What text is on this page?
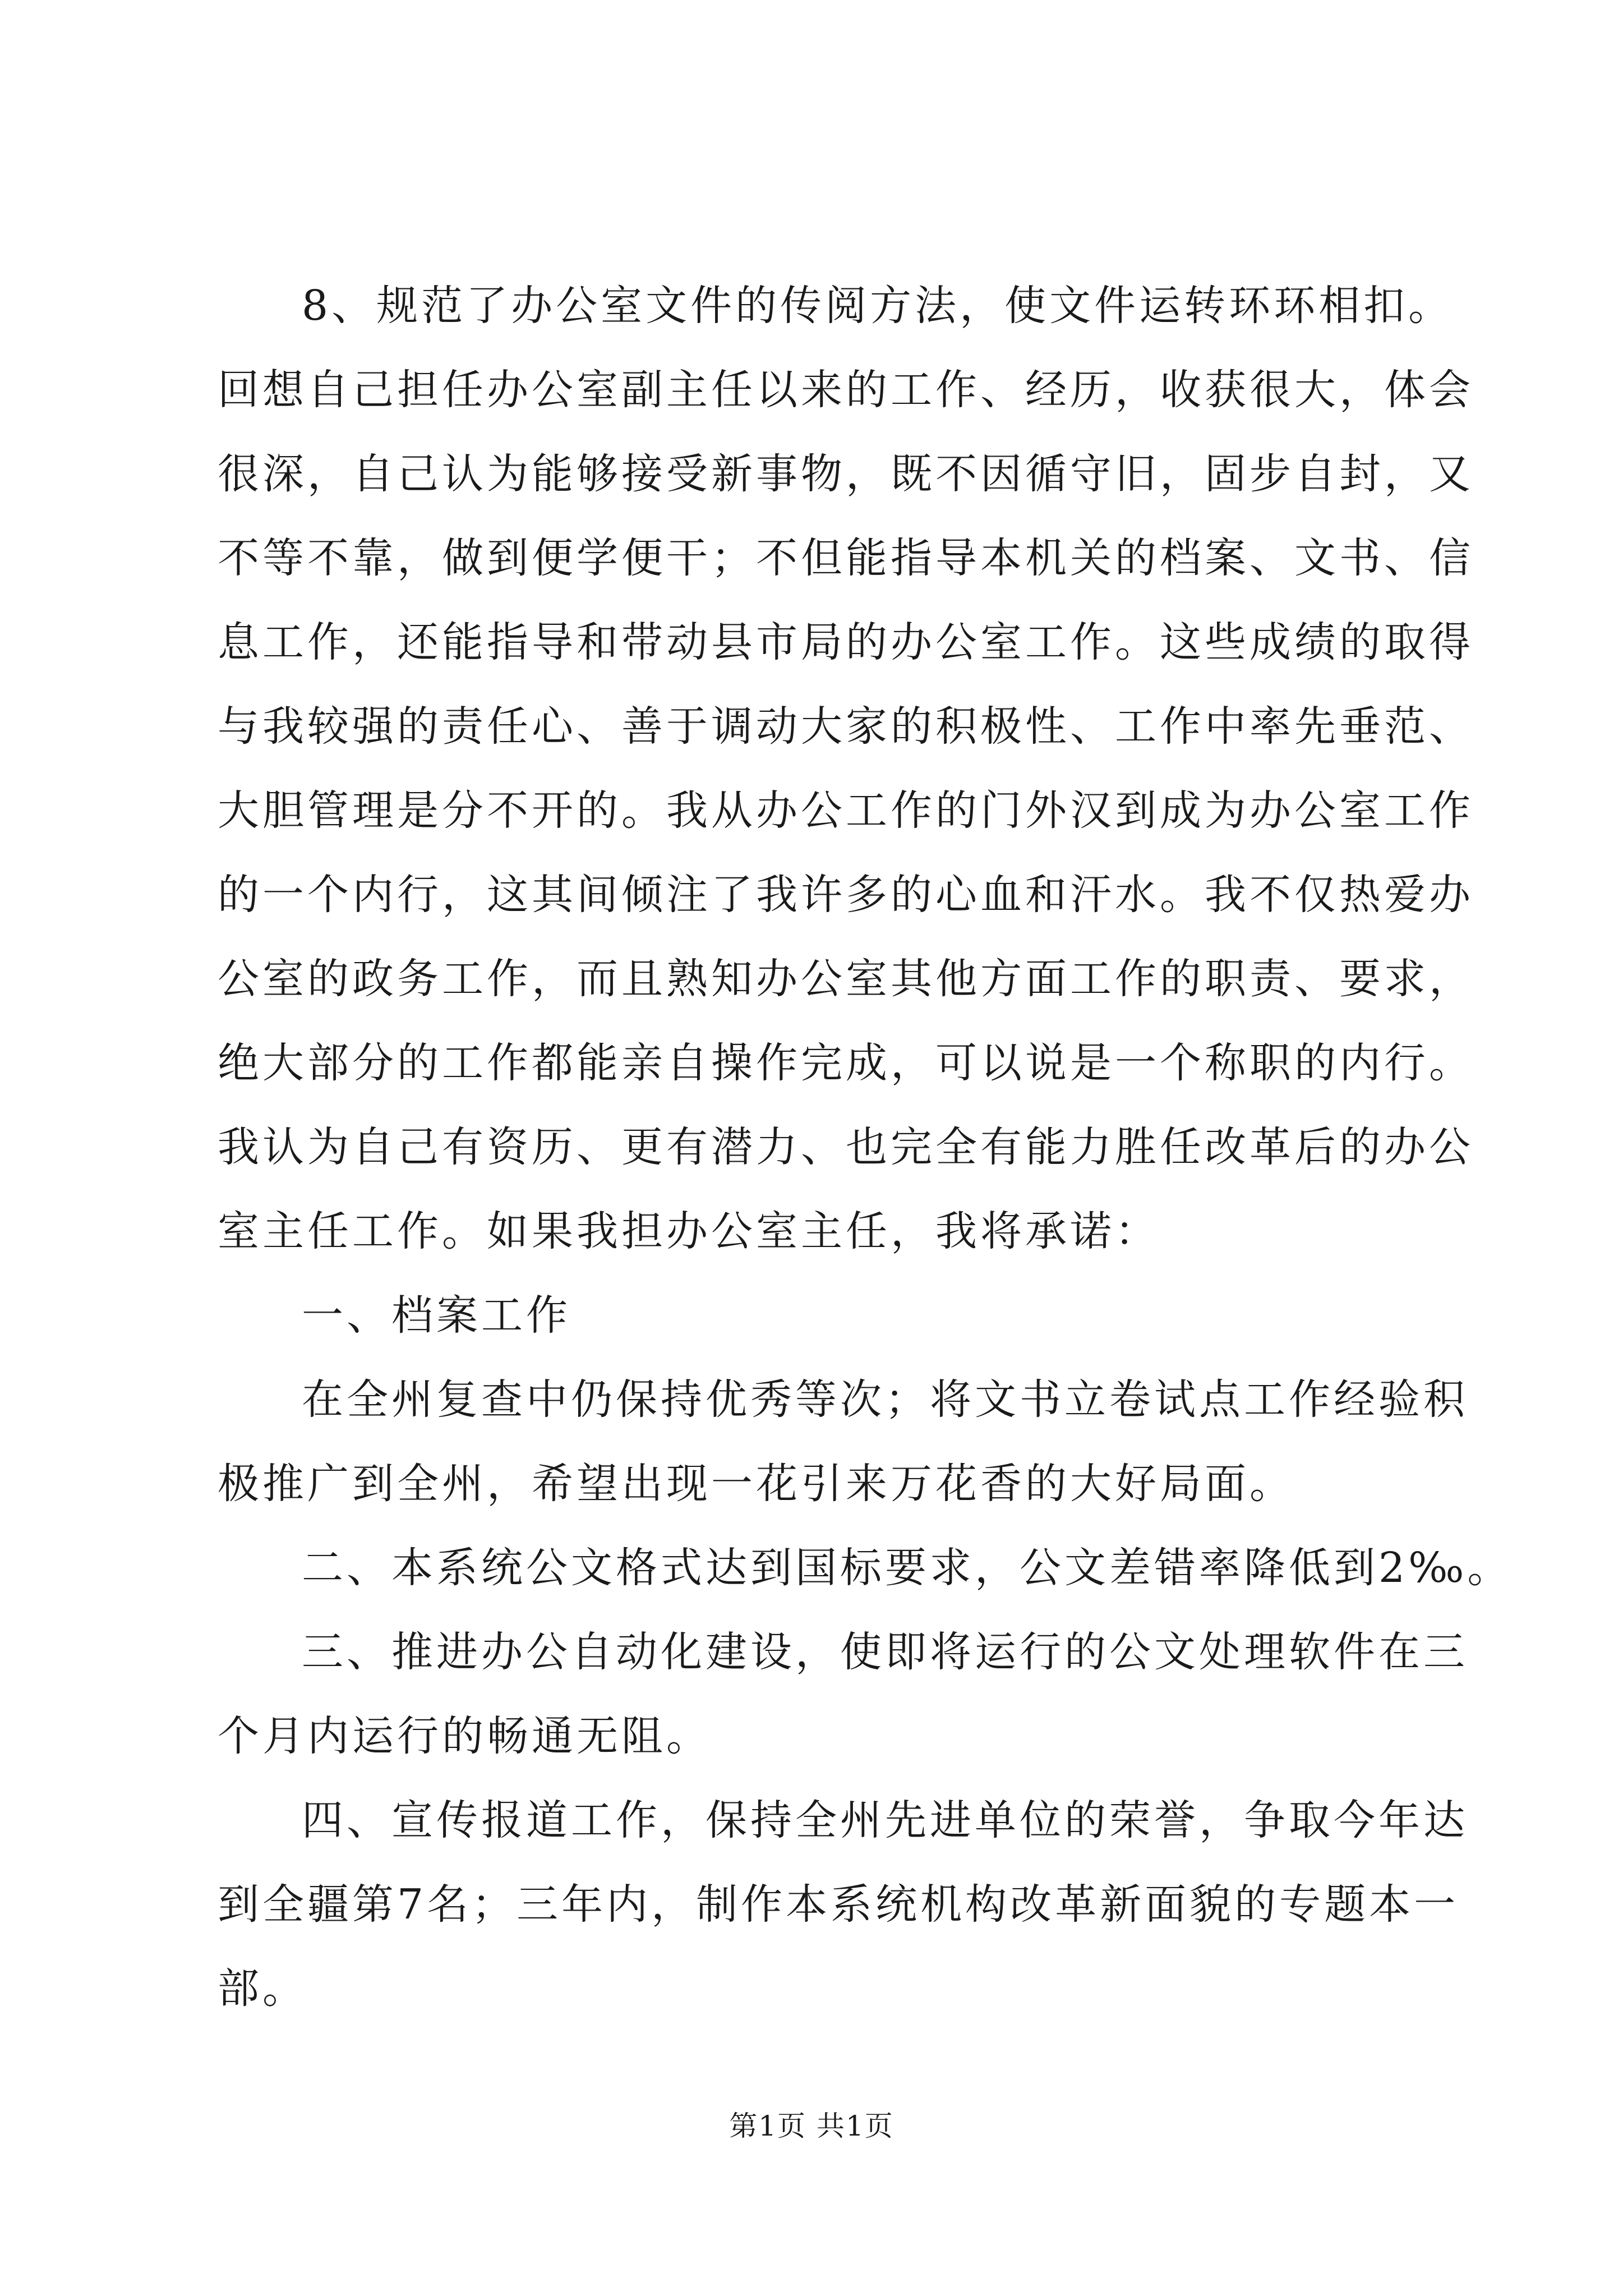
8、规范了办公室文件的传阅方法，使文件运转环环相扣。
回想自己担任办公室副主任以来的工作、经历，收获很大，体会
很深，自己认为能够接受新事物，既不因循守旧，固步自封，又
不等不靠，做到便学便干；不但能指导本机关的档案、文书、信
息工作，还能指导和带动县市局的办公室工作。这些成绩的取得
与我较强的责任心、善于调动大家的积极性、工作中率先垂范、
大胆管理是分不开的。我从办公工作的门外汉到成为办公室工作
的一个内行，这其间倾注了我许多的心血和汗水。我不仅热爱办
公室的政务工作，而且熟知办公室其他方面工作的职责、要求，
绝大部分的工作都能亲自操作完成，可以说是一个称职的内行。
我认为自己有资历、更有潜力、也完全有能力胜任改革后的办公
室主任工作。如果我担办公室主任，我将承诺：
一、档案工作
在全州复查中仍保持优秀等次；将文书立卷试点工作经验积
极推广到全州，希望出现一花引来万花香的大好局面。
二、本系统公文格式达到国标要求，公文差错率降低到2‰。
三、推进办公自动化建设，使即将运行的公文处理软件在三
个月内运行的畅通无阻。
四、宣传报道工作，保持全州先进单位的荣誉，争取今年达
到全疆第7名；三年内，制作本系统机构改革新面貌的专题本一
部。
第1页 共1页
